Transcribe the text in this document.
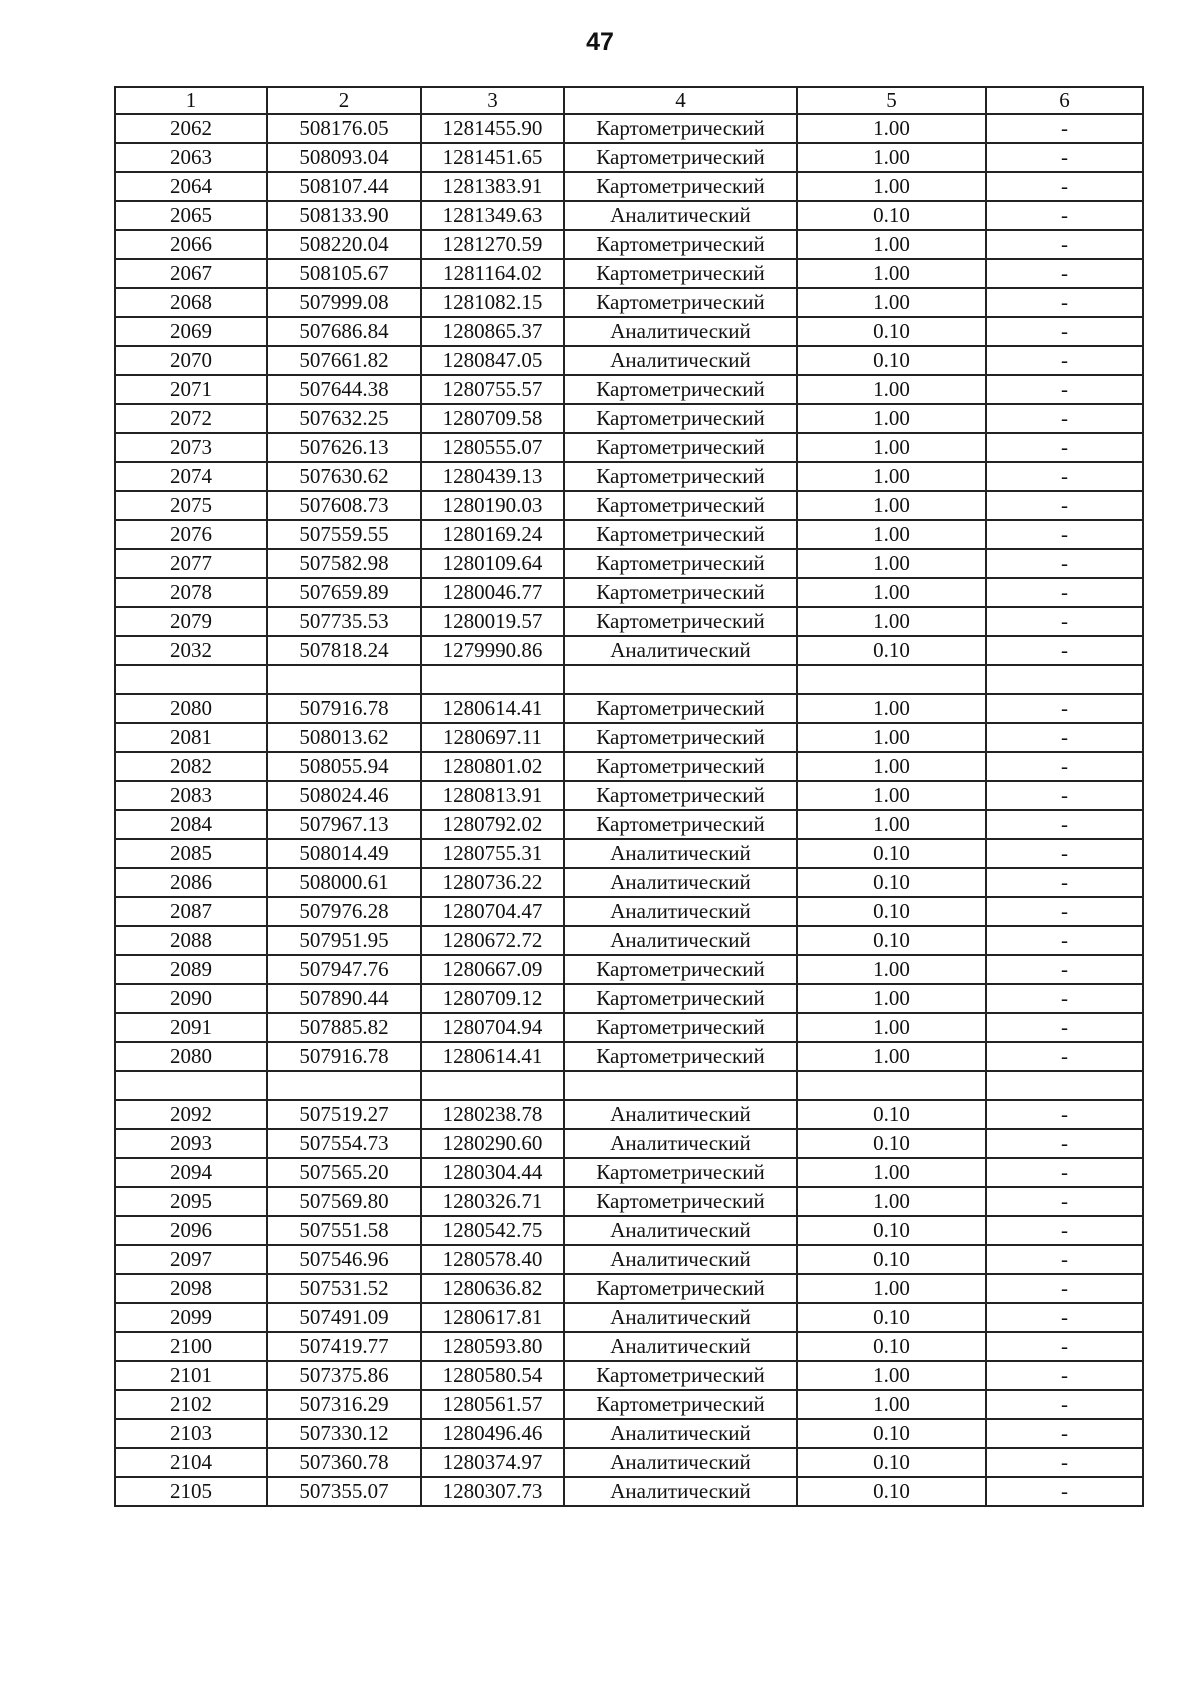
47
1	2	3	4	5	6
2062	508176.05	1281455.90	Картометрический	1.00	-
2063	508093.04	1281451.65	Картометрический	1.00	-
2064	508107.44	1281383.91	Картометрический	1.00	-
2065	508133.90	1281349.63	Аналитический	0.10	-
2066	508220.04	1281270.59	Картометрический	1.00	-
2067	508105.67	1281164.02	Картометрический	1.00	-
2068	507999.08	1281082.15	Картометрический	1.00	-
2069	507686.84	1280865.37	Аналитический	0.10	-
2070	507661.82	1280847.05	Аналитический	0.10	-
2071	507644.38	1280755.57	Картометрический	1.00	-
2072	507632.25	1280709.58	Картометрический	1.00	-
2073	507626.13	1280555.07	Картометрический	1.00	-
2074	507630.62	1280439.13	Картометрический	1.00	-
2075	507608.73	1280190.03	Картометрический	1.00	-
2076	507559.55	1280169.24	Картометрический	1.00	-
2077	507582.98	1280109.64	Картометрический	1.00	-
2078	507659.89	1280046.77	Картометрический	1.00	-
2079	507735.53	1280019.57	Картометрический	1.00	-
2032	507818.24	1279990.86	Аналитический	0.10	-

2080	507916.78	1280614.41	Картометрический	1.00	-
2081	508013.62	1280697.11	Картометрический	1.00	-
2082	508055.94	1280801.02	Картометрический	1.00	-
2083	508024.46	1280813.91	Картометрический	1.00	-
2084	507967.13	1280792.02	Картометрический	1.00	-
2085	508014.49	1280755.31	Аналитический	0.10	-
2086	508000.61	1280736.22	Аналитический	0.10	-
2087	507976.28	1280704.47	Аналитический	0.10	-
2088	507951.95	1280672.72	Аналитический	0.10	-
2089	507947.76	1280667.09	Картометрический	1.00	-
2090	507890.44	1280709.12	Картометрический	1.00	-
2091	507885.82	1280704.94	Картометрический	1.00	-
2080	507916.78	1280614.41	Картометрический	1.00	-

2092	507519.27	1280238.78	Аналитический	0.10	-
2093	507554.73	1280290.60	Аналитический	0.10	-
2094	507565.20	1280304.44	Картометрический	1.00	-
2095	507569.80	1280326.71	Картометрический	1.00	-
2096	507551.58	1280542.75	Аналитический	0.10	-
2097	507546.96	1280578.40	Аналитический	0.10	-
2098	507531.52	1280636.82	Картометрический	1.00	-
2099	507491.09	1280617.81	Аналитический	0.10	-
2100	507419.77	1280593.80	Аналитический	0.10	-
2101	507375.86	1280580.54	Картометрический	1.00	-
2102	507316.29	1280561.57	Картометрический	1.00	-
2103	507330.12	1280496.46	Аналитический	0.10	-
2104	507360.78	1280374.97	Аналитический	0.10	-
2105	507355.07	1280307.73	Аналитический	0.10	-
